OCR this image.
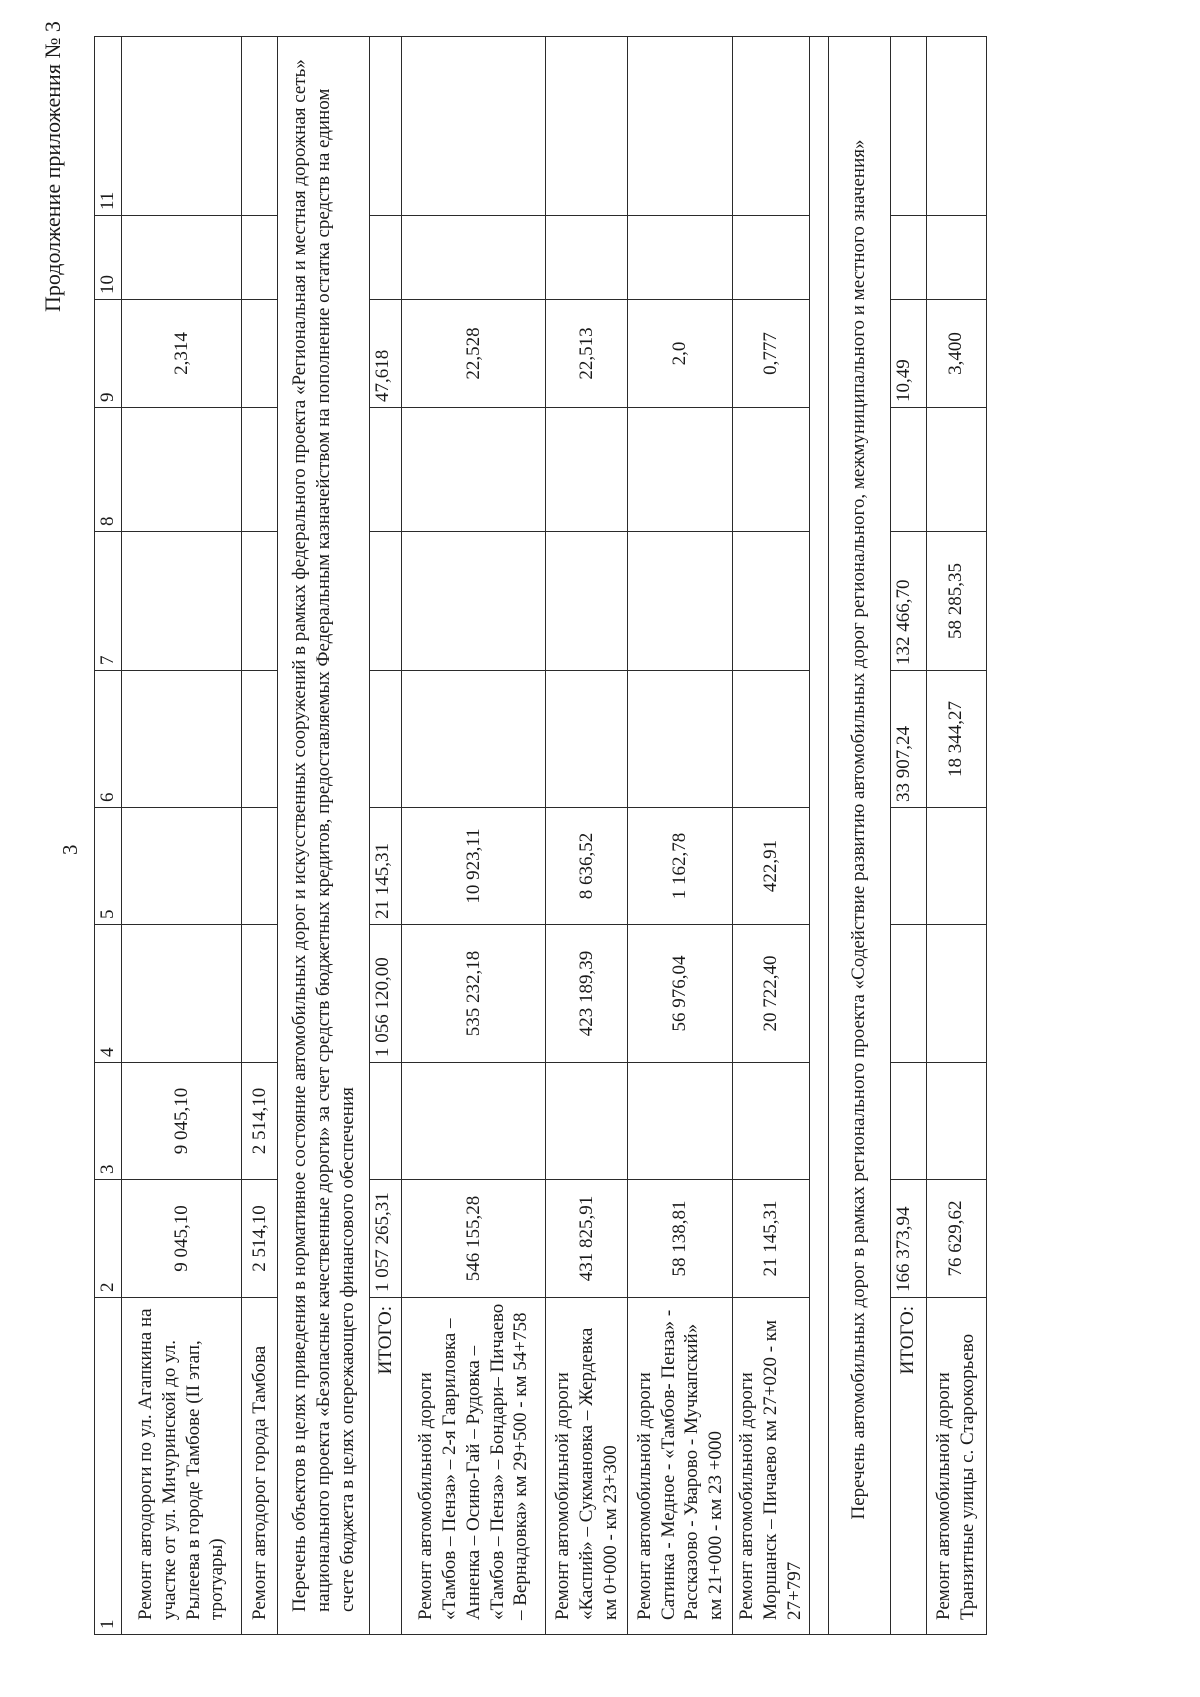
3
Продолжение приложения № 3
1	2	3	4	5	6	7	8	9	10	11
Ремонт автодороги по ул. Агапкина на участке от ул. Мичуринской до ул. Рылеева в городе Тамбове (II этап, тротуары)	9 045,10	9 045,10						2,314		
Ремонт автодорог города Тамбова	2 514,10	2 514,10								
Перечень объектов в целях приведения в нормативное состояние автомобильных дорог и искусственных сооружений в рамках федерального проекта «Региональная и местная дорожная сеть» национального проекта «Безопасные качественные дороги» за счет средств бюджетных кредитов, предоставляемых Федеральным казначейством на пополнение остатка средств на едином счете бюджета в целях опережающего финансового обеспечения										
ИТОГО:	1 057 265,31		1 056 120,00	21 145,31				47,618		
Ремонт автомобильной дороги «Тамбов – Пенза» – 2-я Гавриловка – Анненка – Осино-Гай – Рудовка – «Тамбов – Пенза» – Бондари– Пичаево – Вернадовка» км 29+500 - км 54+758	546 155,28		535 232,18	10 923,11				22,528		
Ремонт автомобильной дороги «Каспий» – Сукмановка – Жердевка км 0+000 - км 23+300	431 825,91		423 189,39	8 636,52				22,513		
Ремонт автомобильной дороги Сатинка - Медное - «Тамбов- Пенза» - Рассказово - Уварово - Мучкапский» км 21+000 - км 23 +000	58 138,81		56 976,04	1 162,78				2,0		
Ремонт автомобильной дороги Моршанск – Пичаево км 27+020 - км 27+797	21 145,31		20 722,40	422,91				0,777		

Перечень автомобильных дорог в рамках регионального проекта «Содействие развитию автомобильных дорог регионального, межмуниципального и местного значения»										
ИТОГО:	166 373,94				33 907,24	132 466,70		10,49		
Ремонт автомобильной дороги Транзитные улицы с. Старокорьево	76 629,62				18 344,27	58 285,35		3,400		
